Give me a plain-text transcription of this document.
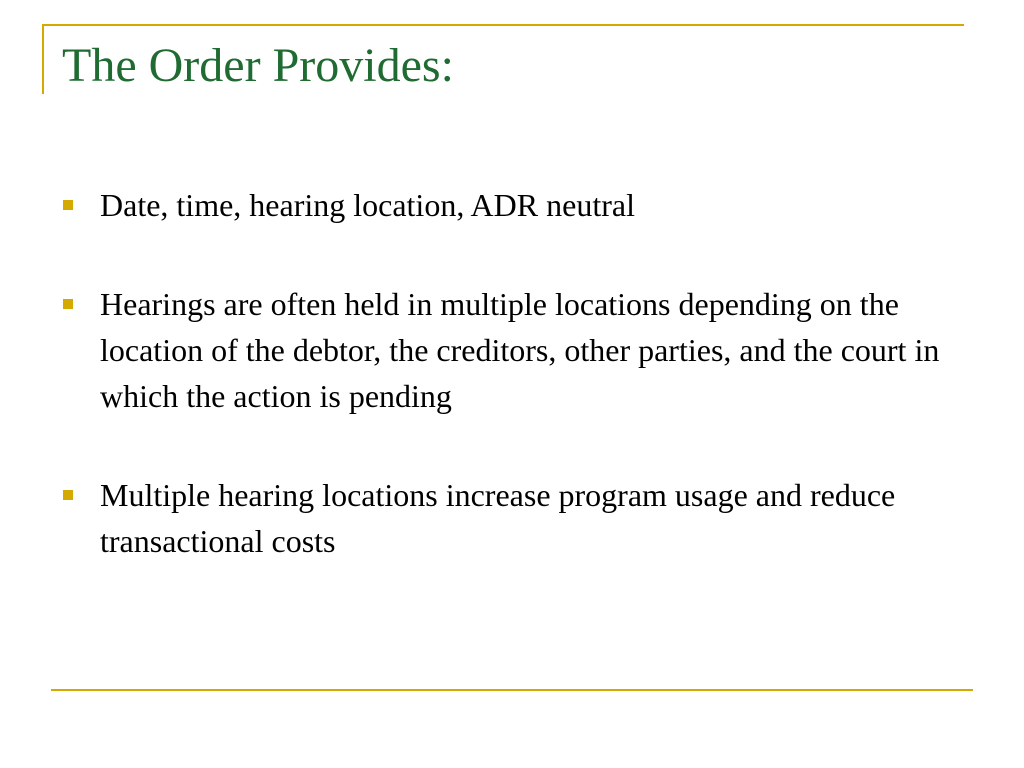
The Order Provides:
Date, time, hearing location, ADR neutral
Hearings are often held in multiple locations depending on the location of the debtor, the creditors, other parties, and the court in which the action is pending
Multiple hearing locations increase program usage and reduce transactional costs
